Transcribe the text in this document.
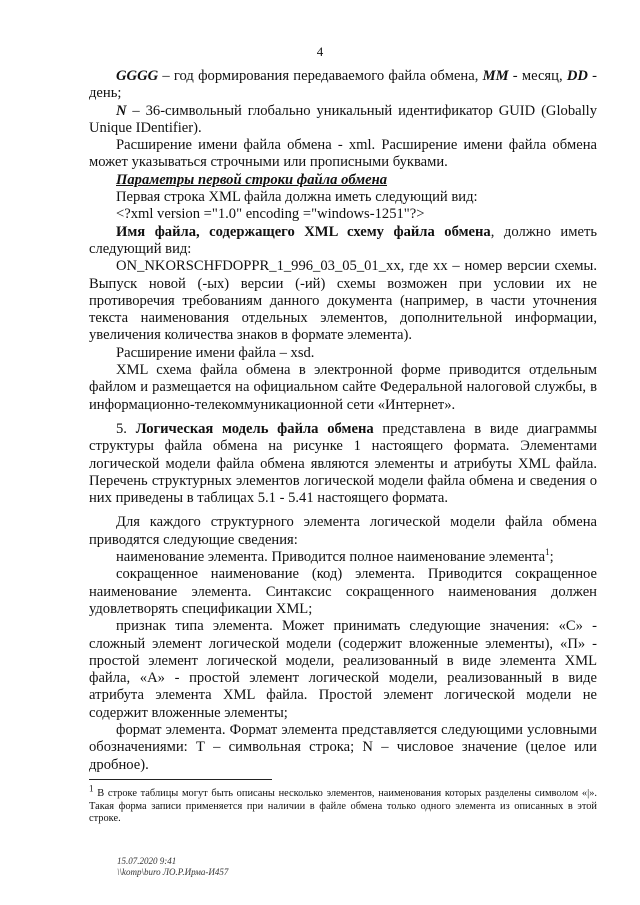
4

GGGG – год формирования передаваемого файла обмена, MM - месяц, DD - день;

N – 36-символьный глобально уникальный идентификатор GUID (Globally Unique IDentifier).

Расширение имени файла обмена - xml. Расширение имени файла обмена может указываться строчными или прописными буквами.

Параметры первой строки файла обмена

Первая строка XML файла должна иметь следующий вид:

<?xml version ="1.0" encoding ="windows-1251"?>

Имя файла, содержащего XML схему файла обмена, должно иметь следующий вид:

ON_NKORSCHFDOPPR_1_996_03_05_01_xx, где хх – номер версии схемы. Выпуск новой (-ых) версии (-ий) схемы возможен при условии их не противоречия требованиям данного документа (например, в части уточнения текста наименования отдельных элементов, дополнительной информации, увеличения количества знаков в формате элемента).

Расширение имени файла – xsd.

XML схема файла обмена в электронной форме приводится отдельным файлом и размещается на официальном сайте Федеральной налоговой службы, в информационно-телекоммуникационной сети «Интернет».

5. Логическая модель файла обмена представлена в виде диаграммы структуры файла обмена на рисунке 1 настоящего формата. Элементами логической модели файла обмена являются элементы и атрибуты XML файла. Перечень структурных элементов логической модели файла обмена и сведения о них приведены в таблицах 5.1 - 5.41 настоящего формата.

Для каждого структурного элемента логической модели файла обмена приводятся следующие сведения:

наименование элемента. Приводится полное наименование элемента$^1$;

сокращенное наименование (код) элемента. Приводится сокращенное наименование элемента. Синтаксис сокращенного наименования должен удовлетворять спецификации XML;

признак типа элемента. Может принимать следующие значения: «С» - сложный элемент логической модели (содержит вложенные элементы), «П» - простой элемент логической модели, реализованный в виде элемента XML файла, «А» - простой элемент логической модели, реализованный в виде атрибута элемента XML файла. Простой элемент логической модели не содержит вложенные элементы;

формат элемента. Формат элемента представляется следующими условными обозначениями: Т – символьная строка; N – числовое значение (целое или дробное).

1 В строке таблицы могут быть описаны несколько элементов, наименования которых разделены символом «|». Такая форма записи применяется при наличии в файле обмена только одного элемента из описанных в этой строке.

15.07.2020 9:41
\\komp\buro ЛО.Р.Ирма-И457
